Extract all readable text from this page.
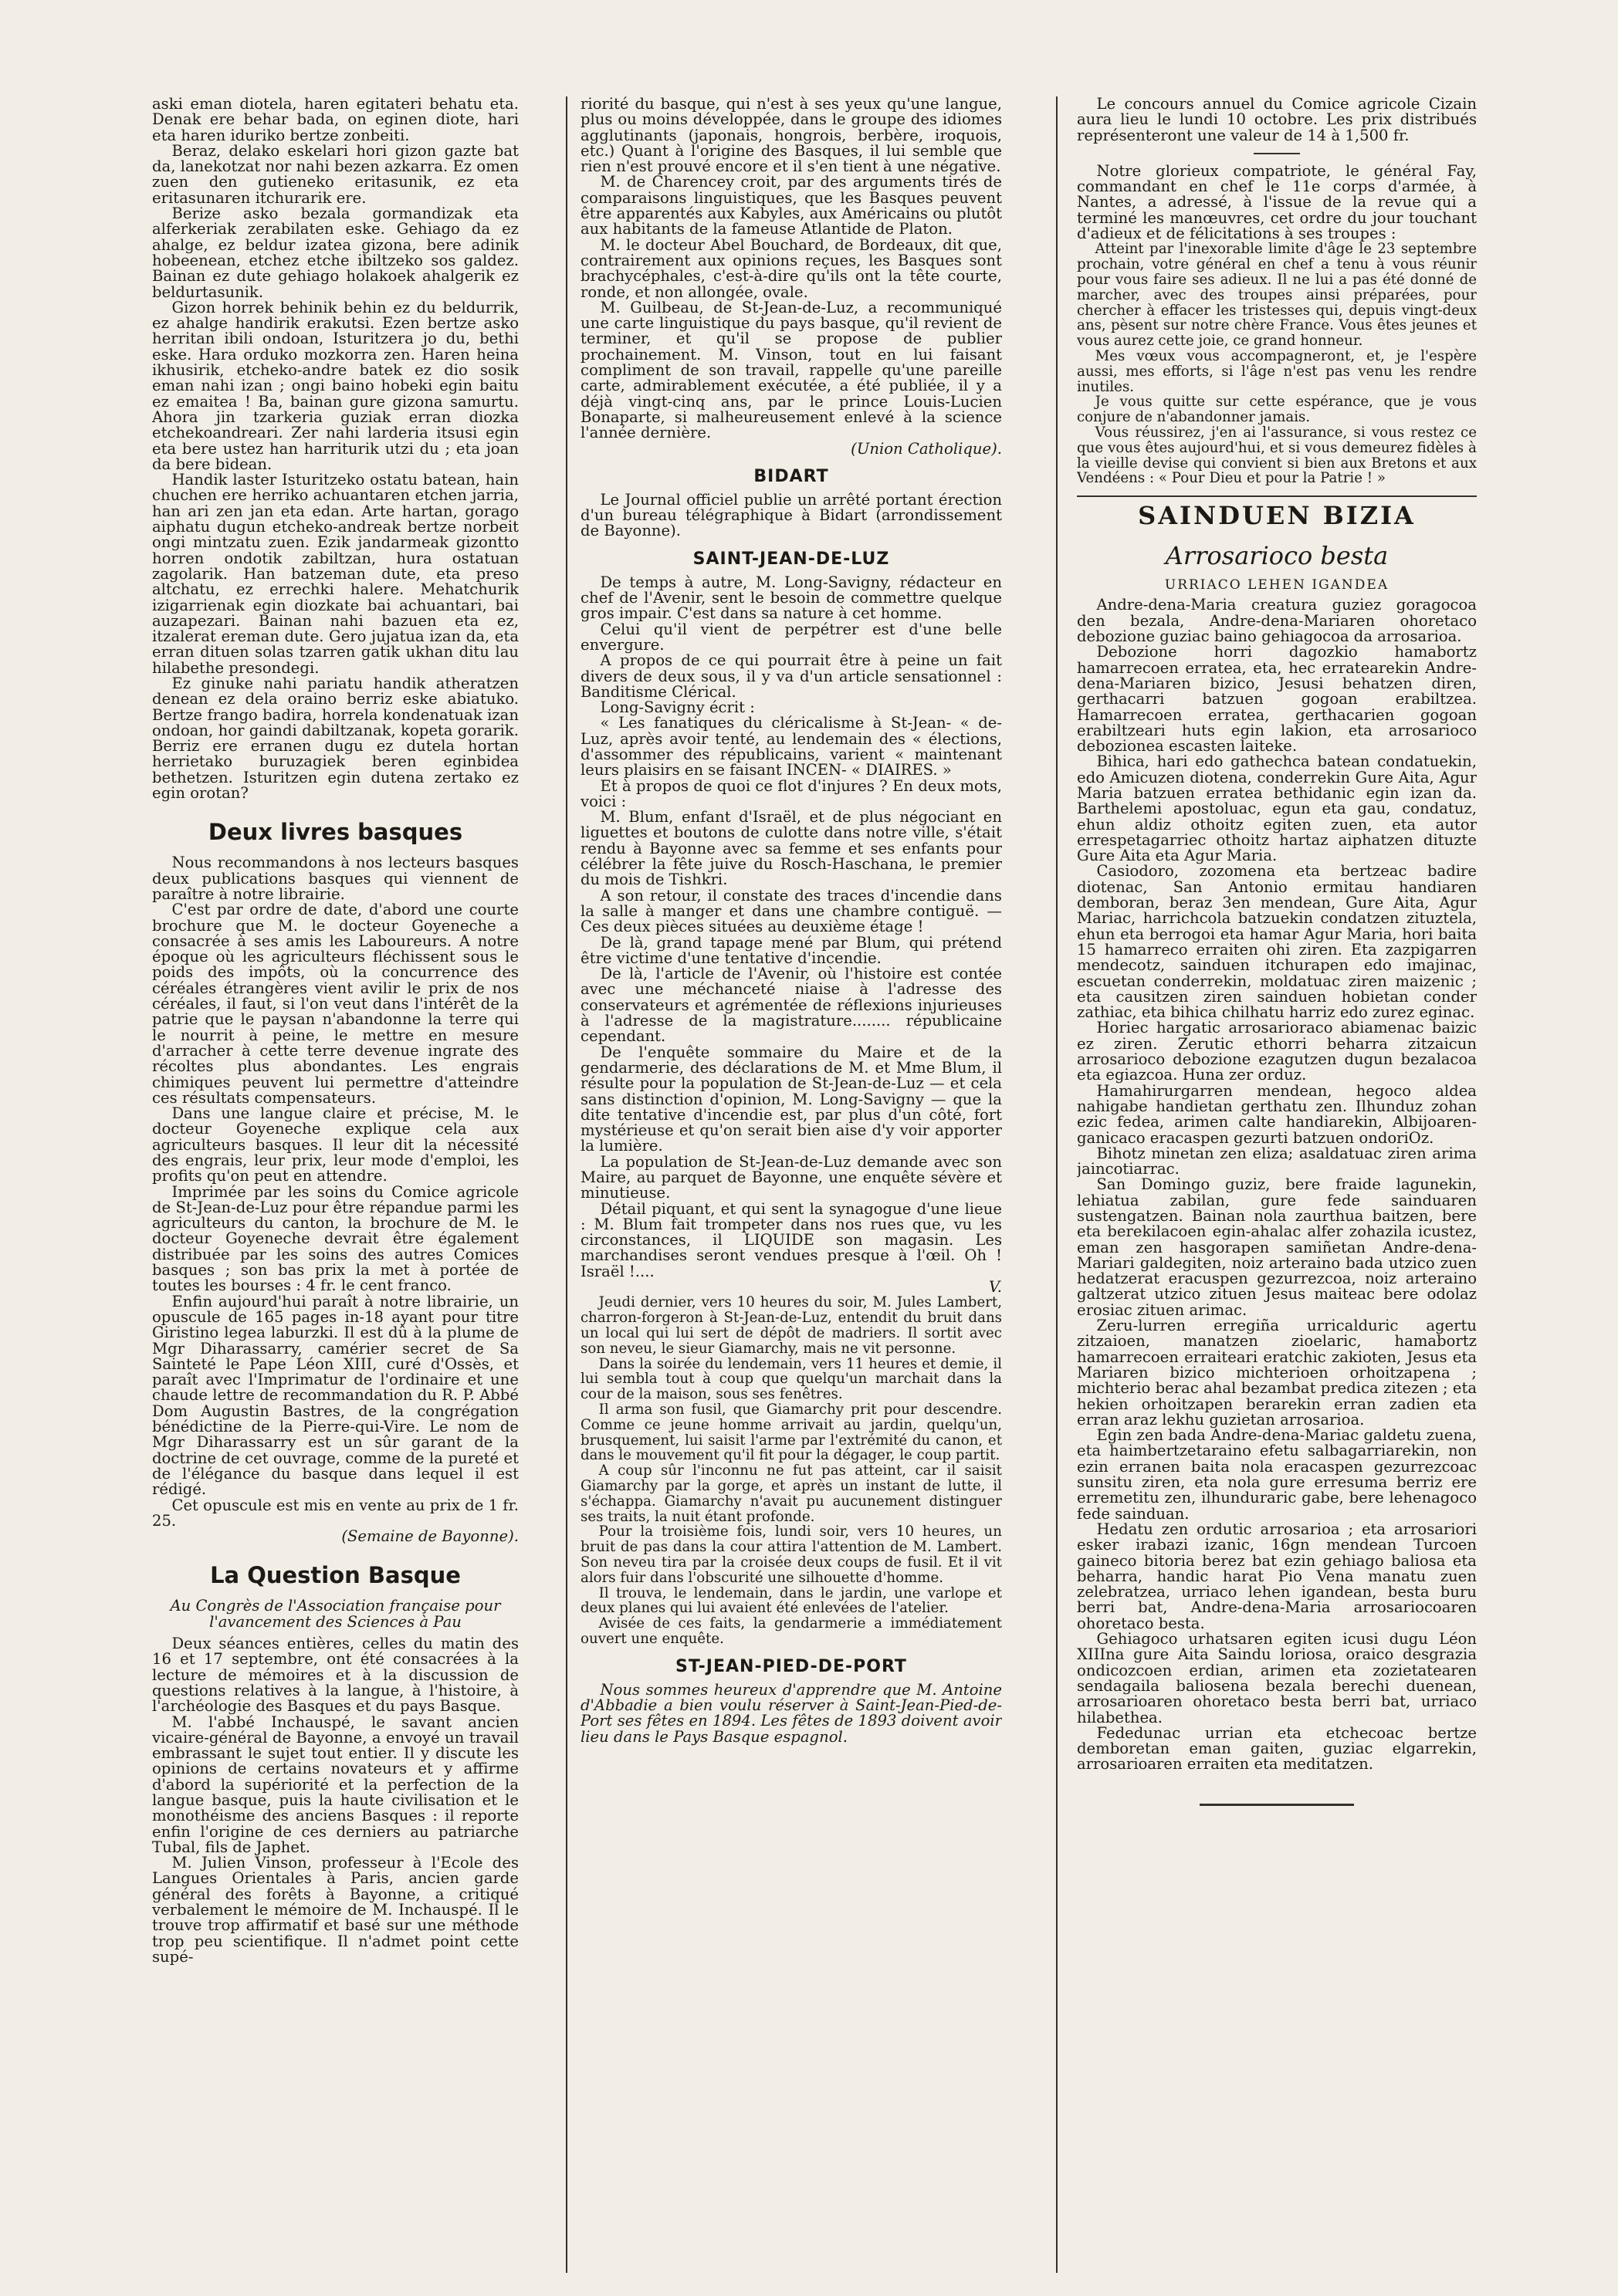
aski eman diotela, haren egitateri behatu eta. Denak ere behar bada, on eginen diote, hari eta haren iduriko bertze zonbeiti.

Beraz, delako eskelari hori gizon gazte bat da, lanekotzat nor nahi bezen azkarra. Ez omen zuen den gutieneko eritasunik, ez eta eritasunaren itchurarik ere.

Berize asko bezala gormandizak eta alferkeriak zerabilaten eske. Gehiago da ez ahalge, ez beldur izatea gizona, bere adinik hobeenean, etchez etche ibiltzeko sos galdez. Bainan ez dute gehiago holakoek ahalgerik ez beldurtasunik.

Gizon horrek behinik behin ez du beldurrik, ez ahalge handirik erakutsi. Ezen bertze asko herritan ibili ondoan, Isturitzera jo du, bethi eske. Hara orduko mozkorra zen. Haren heina ikhusirik, etcheko-andre batek ez dio sosik eman nahi izan ; ongi baino hobeki egin baitu ez emaitea ! Ba, bainan gure gizona samurtu. Ahora jin tzarkeria guziak erran diozka etchekoandreari. Zer nahi larderia itsusi egin eta bere ustez han harriturik utzi du ; eta joan da bere bidean.

Handik laster Isturitzeko ostatu batean, hain chuchen ere herriko achuantaren etchen jarria, han ari zen jan eta edan. Arte hartan, gorago aiphatu dugun etcheko-andreak bertze norbeit ongi mintzatu zuen. Ezik jandarmeak gizontto horren ondotik zabiltzan, hura ostatuan zagolarik. Han batzeman dute, eta preso altchatu, ez errechki halere. Mehatchurik izigarrienak egin diozkate bai achuantari, bai auzapezari. Bainan nahi bazuen eta ez, itzalerat ereman dute. Gero jujatua izan da, eta erran dituen solas tzarren gatik ukhan ditu lau hilabethe presondegi.

Ez ginuke nahi pariatu handik atheratzen denean ez dela oraino berriz eske abiatuko. Bertze frango badira, horrela kondenatuak izan ondoan, hor gaindi dabiltzanak, kopeta gorarik. Berriz ere erranen dugu ez dutela hortan herrietako buruzagiek beren eginbidea bethetzen. Isturitzen egin dutena zertako ez egin orotan?

Deux livres basques

Nous recommandons à nos lecteurs basques deux publications basques qui viennent de paraître à notre librairie.

C'est par ordre de date, d'abord une courte brochure que M. le docteur Goyeneche a consacrée à ses amis les Laboureurs. A notre époque où les agriculteurs fléchissent sous le poids des impôts, où la concurrence des céréales étrangères vient avilir le prix de nos céréales, il faut, si l'on veut dans l'intérêt de la patrie que le paysan n'abandonne la terre qui le nourrit à peine, le mettre en mesure d'arracher à cette terre devenue ingrate des récoltes plus abondantes. Les engrais chimiques peuvent lui permettre d'atteindre ces résultats compensateurs.

Dans une langue claire et précise, M. le docteur Goyeneche explique cela aux agriculteurs basques. Il leur dit la nécessité des engrais, leur prix, leur mode d'emploi, les profits qu'on peut en attendre.

Imprimée par les soins du Comice agricole de St-Jean-de-Luz pour être répandue parmi les agriculteurs du canton, la brochure de M. le docteur Goyeneche devrait être également distribuée par les soins des autres Comices basques ; son bas prix la met à portée de toutes les bourses : 4 fr. le cent franco.

Enfin aujourd'hui paraît à notre librairie, un opuscule de 165 pages in-18 ayant pour titre Giristino legea laburzki. Il est dû à la plume de Mgr Diharassarry, camérier secret de Sa Sainteté le Pape Léon XIII, curé d'Ossès, et paraît avec l'Imprimatur de l'ordinaire et une chaude lettre de recommandation du R. P. Abbé Dom Augustin Bastres, de la congrégation bénédictine de la Pierre-qui-Vire. Le nom de Mgr Diharassarry est un sûr garant de la doctrine de cet ouvrage, comme de la pureté et de l'élégance du basque dans lequel il est rédigé.

Cet opuscule est mis en vente au prix de 1 fr. 25.

(Semaine de Bayonne).

La Question Basque
Au Congrès de l'Association française pour l'avancement des Sciences à Pau

Deux séances entières, celles du matin des 16 et 17 septembre, ont été consacrées à la lecture de mémoires et à la discussion de questions relatives à la langue, à l'histoire, à l'archéologie des Basques et du pays Basque.

M. l'abbé Inchauspé, le savant ancien vicaire-général de Bayonne, a envoyé un travail embrassant le sujet tout entier. Il y discute les opinions de certains novateurs et y affirme d'abord la supériorité et la perfection de la langue basque, puis la haute civilisation et le monothéisme des anciens Basques : il reporte enfin l'origine de ces derniers au patriarche Tubal, fils de Japhet.

M. Julien Vinson, professeur à l'Ecole des Langues Orientales à Paris, ancien garde général des forêts à Bayonne, a critiqué verbalement le mémoire de M. Inchauspé. Il le trouve trop affirmatif et basé sur une méthode trop peu scientifique. Il n'admet point cette supé-

riorité du basque, qui n'est à ses yeux qu'une langue, plus ou moins développée, dans le groupe des idiomes agglutinants (japonais, hongrois, berbère, iroquois, etc.) Quant à l'origine des Basques, il lui semble que rien n'est prouvé encore et il s'en tient à une négative.

M. de Charencey croit, par des arguments tirés de comparaisons linguistiques, que les Basques peuvent être apparentés aux Kabyles, aux Américains ou plutôt aux habitants de la fameuse Atlantide de Platon.

M. le docteur Abel Bouchard, de Bordeaux, dit que, contrairement aux opinions reçues, les Basques sont brachycéphales, c'est-à-dire qu'ils ont la tête courte, ronde, et non allongée, ovale.

M. Guilbeau, de St-Jean-de-Luz, a recommuniqué une carte linguistique du pays basque, qu'il revient de terminer, et qu'il se propose de publier prochainement. M. Vinson, tout en lui faisant compliment de son travail, rappelle qu'une pareille carte, admirablement exécutée, a été publiée, il y a déjà vingt-cinq ans, par le prince Louis-Lucien Bonaparte, si malheureusement enlevé à la science l'année dernière.

(Union Catholique).

BIDART

Le Journal officiel publie un arrêté portant érection d'un bureau télégraphique à Bidart (arrondissement de Bayonne).

SAINT-JEAN-DE-LUZ

De temps à autre, M. Long-Savigny, rédacteur en chef de l'Avenir, sent le besoin de commettre quelque gros impair. C'est dans sa nature à cet homme.

Celui qu'il vient de perpétrer est d'une belle envergure.

A propos de ce qui pourrait être à peine un fait divers de deux sous, il y va d'un article sensationnel : Banditisme Clérical.

Long-Savigny écrit :

« Les fanatiques du cléricalisme à St-Jean- « de-Luz, après avoir tenté, au lendemain des « élections, d'assommer des républicains, varient « maintenant leurs plaisirs en se faisant INCEN- « DIAIRES. »

Et à propos de quoi ce flot d'injures ? En deux mots, voici :

M. Blum, enfant d'Israël, et de plus négociant en liguettes et boutons de culotte dans notre ville, s'était rendu à Bayonne avec sa femme et ses enfants pour célébrer la fête juive du Rosch-Haschana, le premier du mois de Tishkri.

A son retour, il constate des traces d'incendie dans la salle à manger et dans une chambre contiguë. — Ces deux pièces situées au deuxième étage !

De là, grand tapage mené par Blum, qui prétend être victime d'une tentative d'incendie.

De là, l'article de l'Avenir, où l'histoire est contée avec une méchanceté niaise à l'adresse des conservateurs et agrémentée de réflexions injurieuses à l'adresse de la magistrature........ républicaine cependant.

De l'enquête sommaire du Maire et de la gendarmerie, des déclarations de M. et Mme Blum, il résulte pour la population de St-Jean-de-Luz — et cela sans distinction d'opinion, M. Long-Savigny — que la dite tentative d'incendie est, par plus d'un côté, fort mystérieuse et qu'on serait bien aise d'y voir apporter la lumière.

La population de St-Jean-de-Luz demande avec son Maire, au parquet de Bayonne, une enquête sévère et minutieuse.

Détail piquant, et qui sent la synagogue d'une lieue : M. Blum fait trompeter dans nos rues que, vu les circonstances, il LIQUIDE son magasin. Les marchandises seront vendues presque à l'œil. Oh ! Israël !....

V.

Jeudi dernier, vers 10 heures du soir, M. Jules Lambert, charron-forgeron à St-Jean-de-Luz, entendit du bruit dans un local qui lui sert de dépôt de madriers. Il sortit avec son neveu, le sieur Giamarchy, mais ne vit personne.

Dans la soirée du lendemain, vers 11 heures et demie, il lui sembla tout à coup que quelqu'un marchait dans la cour de la maison, sous ses fenêtres.

Il arma son fusil, que Giamarchy prit pour descendre. Comme ce jeune homme arrivait au jardin, quelqu'un, brusquement, lui saisit l'arme par l'extrémité du canon, et dans le mouvement qu'il fit pour la dégager, le coup partit.

A coup sûr l'inconnu ne fut pas atteint, car il saisit Giamarchy par la gorge, et après un instant de lutte, il s'échappa. Giamarchy n'avait pu aucunement distinguer ses traits, la nuit étant profonde.

Pour la troisième fois, lundi soir, vers 10 heures, un bruit de pas dans la cour attira l'attention de M. Lambert. Son neveu tira par la croisée deux coups de fusil. Et il vit alors fuir dans l'obscurité une silhouette d'homme.

Il trouva, le lendemain, dans le jardin, une varlope et deux planes qui lui avaient été enlevées de l'atelier.

Avisée de ces faits, la gendarmerie a immédiatement ouvert une enquête.

ST-JEAN-PIED-DE-PORT

Nous sommes heureux d'apprendre que M. Antoine d'Abbadie a bien voulu réserver à Saint-Jean-Pied-de-Port ses fêtes en 1894. Les fêtes de 1893 doivent avoir lieu dans le Pays Basque espagnol.

Le concours annuel du Comice agricole Cizain aura lieu le lundi 10 octobre. Les prix distribués représenteront une valeur de 14 à 1,500 fr.

Notre glorieux compatriote, le général Fay, commandant en chef le 11e corps d'armée, à Nantes, a adressé, à l'issue de la revue qui a terminé les manœuvres, cet ordre du jour touchant d'adieux et de félicitations à ses troupes :

Atteint par l'inexorable limite d'âge le 23 septembre prochain, votre général en chef a tenu à vous réunir pour vous faire ses adieux. Il ne lui a pas été donné de marcher, avec des troupes ainsi préparées, pour chercher à effacer les tristesses qui, depuis vingt-deux ans, pèsent sur notre chère France. Vous êtes jeunes et vous aurez cette joie, ce grand honneur.

Mes vœux vous accompagneront, et, je l'espère aussi, mes efforts, si l'âge n'est pas venu les rendre inutiles.

Je vous quitte sur cette espérance, que je vous conjure de n'abandonner jamais.

Vous réussirez, j'en ai l'assurance, si vous restez ce que vous êtes aujourd'hui, et si vous demeurez fidèles à la vieille devise qui convient si bien aux Bretons et aux Vendéens : « Pour Dieu et pour la Patrie ! »

SAINDUEN BIZIA
Arrosarioco besta
URRIACO LEHEN IGANDEA

Andre-dena-Maria creatura guziez goragocoa den bezala, Andre-dena-Mariaren ohoretaco debozione guziac baino gehiagocoa da arrosarioa.

Debozione horri dagozkio hamabortz hamarrecoen erratea, eta, hec erratearekin Andre-dena-Mariaren bizico, Jesusi behatzen diren, gerthacarri batzuen gogoan erabiltzea. Hamarrecoen erratea, gerthacarien gogoan erabiltzeari huts egin lakion, eta arrosarioco debozionea escasten laiteke.

Bihica, hari edo gathechca batean condatuekin, edo Amicuzen diotena, conderrekin Gure Aita, Agur Maria batzuen erratea bethidanic egin izan da. Barthelemi apostoluac, egun eta gau, condatuz, ehun aldiz othoitz egiten zuen, eta autor errespetagarriec othoitz hartaz aiphatzen dituzte Gure Aita eta Agur Maria.

Casiodoro, zozomena eta bertzeac badire diotenac, San Antonio ermitau handiaren demboran, beraz 3en mendean, Gure Aita, Agur Mariac, harrichcola batzuekin condatzen zituztela, ehun eta berrogoi eta hamar Agur Maria, hori baita 15 hamarreco erraiten ohi ziren. Eta zazpigarren mendecotz, sainduen itchurapen edo imajinac, escuetan conderrekin, moldatuac ziren maizenic ; eta causitzen ziren sainduen hobietan conder zathiac, eta bihica chilhatu harriz edo zurez eginac.

Horiec hargatic arrosarioraco abiamenac baizic ez ziren. Zerutic ethorri beharra zitzaicun arrosarioco debozione ezagutzen dugun bezalacoa eta egiazcoa. Huna zer orduz.

Hamahirurgarren mendean, hegoco aldea nahigabe handietan gerthatu zen. Ilhunduz zohan ezic fedea, arimen calte handiarekin, Albijoaren-ganicaco eracaspen gezurti batzuen ondoriOz.

Bihotz minetan zen eliza; asaldatuac ziren arima jaincotiarrac.

San Domingo guziz, bere fraide lagunekin, lehiatua zabilan, gure fede sainduaren sustengatzen. Bainan nola zaurthua baitzen, bere eta berekilacoen egin-ahalac alfer zohazila icustez, eman zen hasgorapen samiñetan Andre-dena-Mariari galdegiten, noiz arteraino bada utzico zuen hedatzerat eracuspen gezurrezcoa, noiz arteraino galtzerat utzico zituen Jesus maiteac bere odolaz erosiac zituen arimac.

Zeru-lurren erregiña urricalduric agertu zitzaioen, manatzen zioelaric, hamabortz hamarrecoen erraiteari eratchic zakioten, Jesus eta Mariaren bizico michterioen orhoitzapena ; michterio berac ahal bezambat predica zitezen ; eta hekien orhoitzapen berarekin erran zadien eta erran araz lekhu guzietan arrosarioa.

Egin zen bada Andre-dena-Mariac galdetu zuena, eta haimbertzetaraino efetu salbagarriarekin, non ezin erranen baita nola eracaspen gezurrezcoac sunsitu ziren, eta nola gure erresuma berriz ere erremetitu zen, ilhunduraric gabe, bere lehenagoco fede sainduan.

Hedatu zen ordutic arrosarioa ; eta arrosariori esker irabazi izanic, 16gn mendean Turcoen gaineco bitoria berez bat ezin gehiago baliosa eta beharra, handic harat Pio Vena manatu zuen zelebratzea, urriaco lehen igandean, besta buru berri bat, Andre-dena-Maria arrosariocoaren ohoretaco besta.

Gehiagoco urhatsaren egiten icusi dugu Léon XIIIna gure Aita Saindu loriosa, oraico desgrazia ondicozcoen erdian, arimen eta zozietatearen sendagaila baliosena bezala berechi duenean, arrosarioaren ohoretaco besta berri bat, urriaco hilabethea.

Fededunac urrian eta etchecoac bertze demboretan eman gaiten, guziac elgarrekin, arrosarioaren erraiten eta meditatzen.
